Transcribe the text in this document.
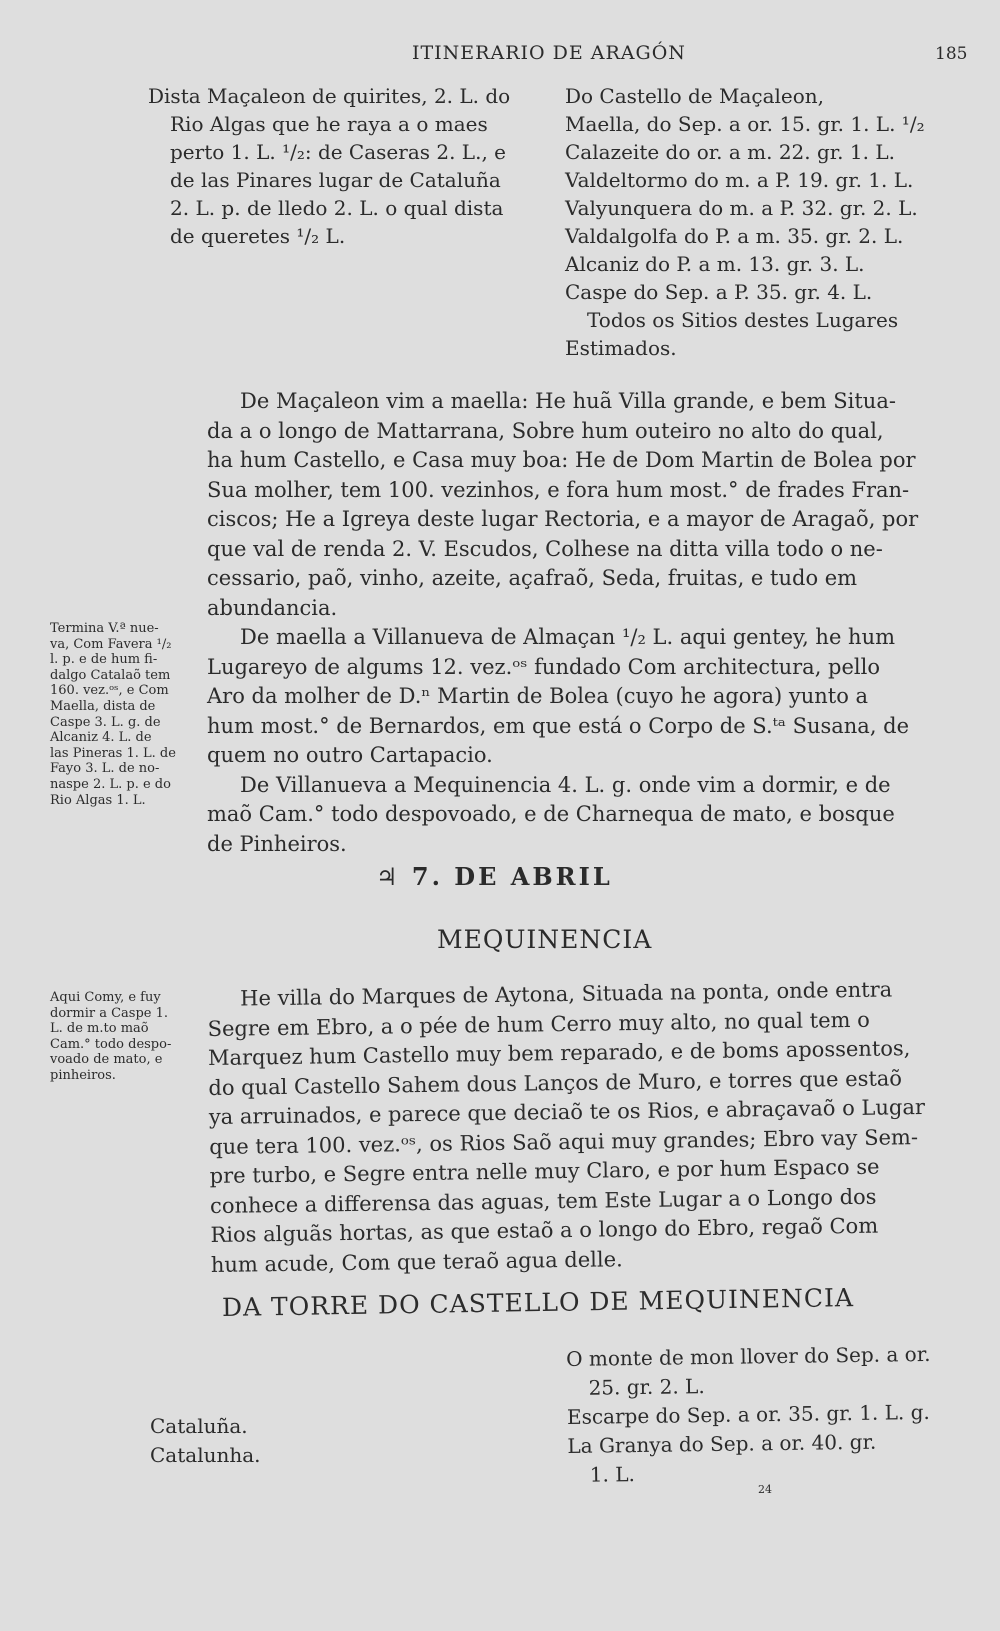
ITINERARIO DE ARAGÓN	185
Dista Maçaleon de quirites, 2. L. do
Rio Algas que he raya a o maes
perto 1. L. ¹/₂: de Caseras 2. L., e
de las Pinares lugar de Cataluña
2. L. p. de lledo 2. L. o qual dista
de queretes ¹/₂ L.
Do Castello de Maçaleon,
Maella, do Sep. a or. 15. gr. 1. L. ¹/₂
Calazeite do or. a m. 22. gr. 1. L.
Valdeltormo do m. a P. 19. gr. 1. L.
Valyunquera do m. a P. 32. gr. 2. L.
Valdalgolfa do P. a m. 35. gr. 2. L.
Alcaniz do P. a m. 13. gr. 3. L.
Caspe do Sep. a P. 35. gr. 4. L.
Todos os Sitios destes Lugares
Estimados.

De Maçaleon vim a maella: He huã Villa grande, e bem Situa-

da a o longo de Mattarrana, Sobre hum outeiro no alto do qual,

ha hum Castello, e Casa muy boa: He de Dom Martin de Bolea por

Sua molher, tem 100. vezinhos, e fora hum most.° de frades Fran-

ciscos; He a Igreya deste lugar Rectoria, e a mayor de Aragaõ, por

que val de renda 2. V. Escudos, Colhese na ditta villa todo o ne-

cessario, paõ, vinho, azeite, açafraõ, Seda, fruitas, e tudo em

abundancia.

De maella a Villanueva de Almaçan ¹/₂ L. aqui gentey, he hum

Lugareyo de algums 12. vez.ᵒˢ fundado Com architectura, pello

Aro da molher de D.ⁿ Martin de Bolea (cuyo he agora) yunto a

hum most.° de Bernardos, em que está o Corpo de S.ᵗᵃ Susana, de

quem no outro Cartapacio.

De Villanueva a Mequinencia 4. L. g. onde vim a dormir, e de

maõ Cam.° todo despovoado, e de Charnequa de mato, e bosque

de Pinheiros.

Termina V.ª nue-
va, Com Favera ¹/₂
l. p. e de hum fi-
dalgo Catalaõ tem
160. vez.ᵒˢ, e Com
Maella, dista de
Caspe 3. L. g. de
Alcaniz 4. L. de
las Pineras 1. L. de
Fayo 3. L. de no-
naspe 2. L. p. e do
Rio Algas 1. L.
♃ 7. DE ABRIL
MEQUINENCIA

He villa do Marques de Aytona, Situada na ponta, onde entra

Segre em Ebro, a o pée de hum Cerro muy alto, no qual tem o

Marquez hum Castello muy bem reparado, e de boms apossentos,

do qual Castello Sahem dous Lanços de Muro, e torres que estaõ

ya arruinados, e parece que deciaõ te os Rios, e abraçavaõ o Lugar

que tera 100. vez.ᵒˢ, os Rios Saõ aqui muy grandes; Ebro vay Sem-

pre turbo, e Segre entra nelle muy Claro, e por hum Espaco se

conhece a differensa das aguas, tem Este Lugar a o Longo dos

Rios alguãs hortas, as que estaõ a o longo do Ebro, regaõ Com

hum acude, Com que teraõ agua delle.

Aqui Comy, e fuy
dormir a Caspe 1.
L. de m.to maõ
Cam.° todo despo-
voado de mato, e
pinheiros.
DA TORRE DO CASTELLO DE MEQUINENCIA
Cataluña.
Catalunha.
O monte de mon llover do Sep. a or.
25. gr. 2. L.
Escarpe do Sep. a or. 35. gr. 1. L. g.
La Granya do Sep. a or. 40. gr.
1. L.
24
